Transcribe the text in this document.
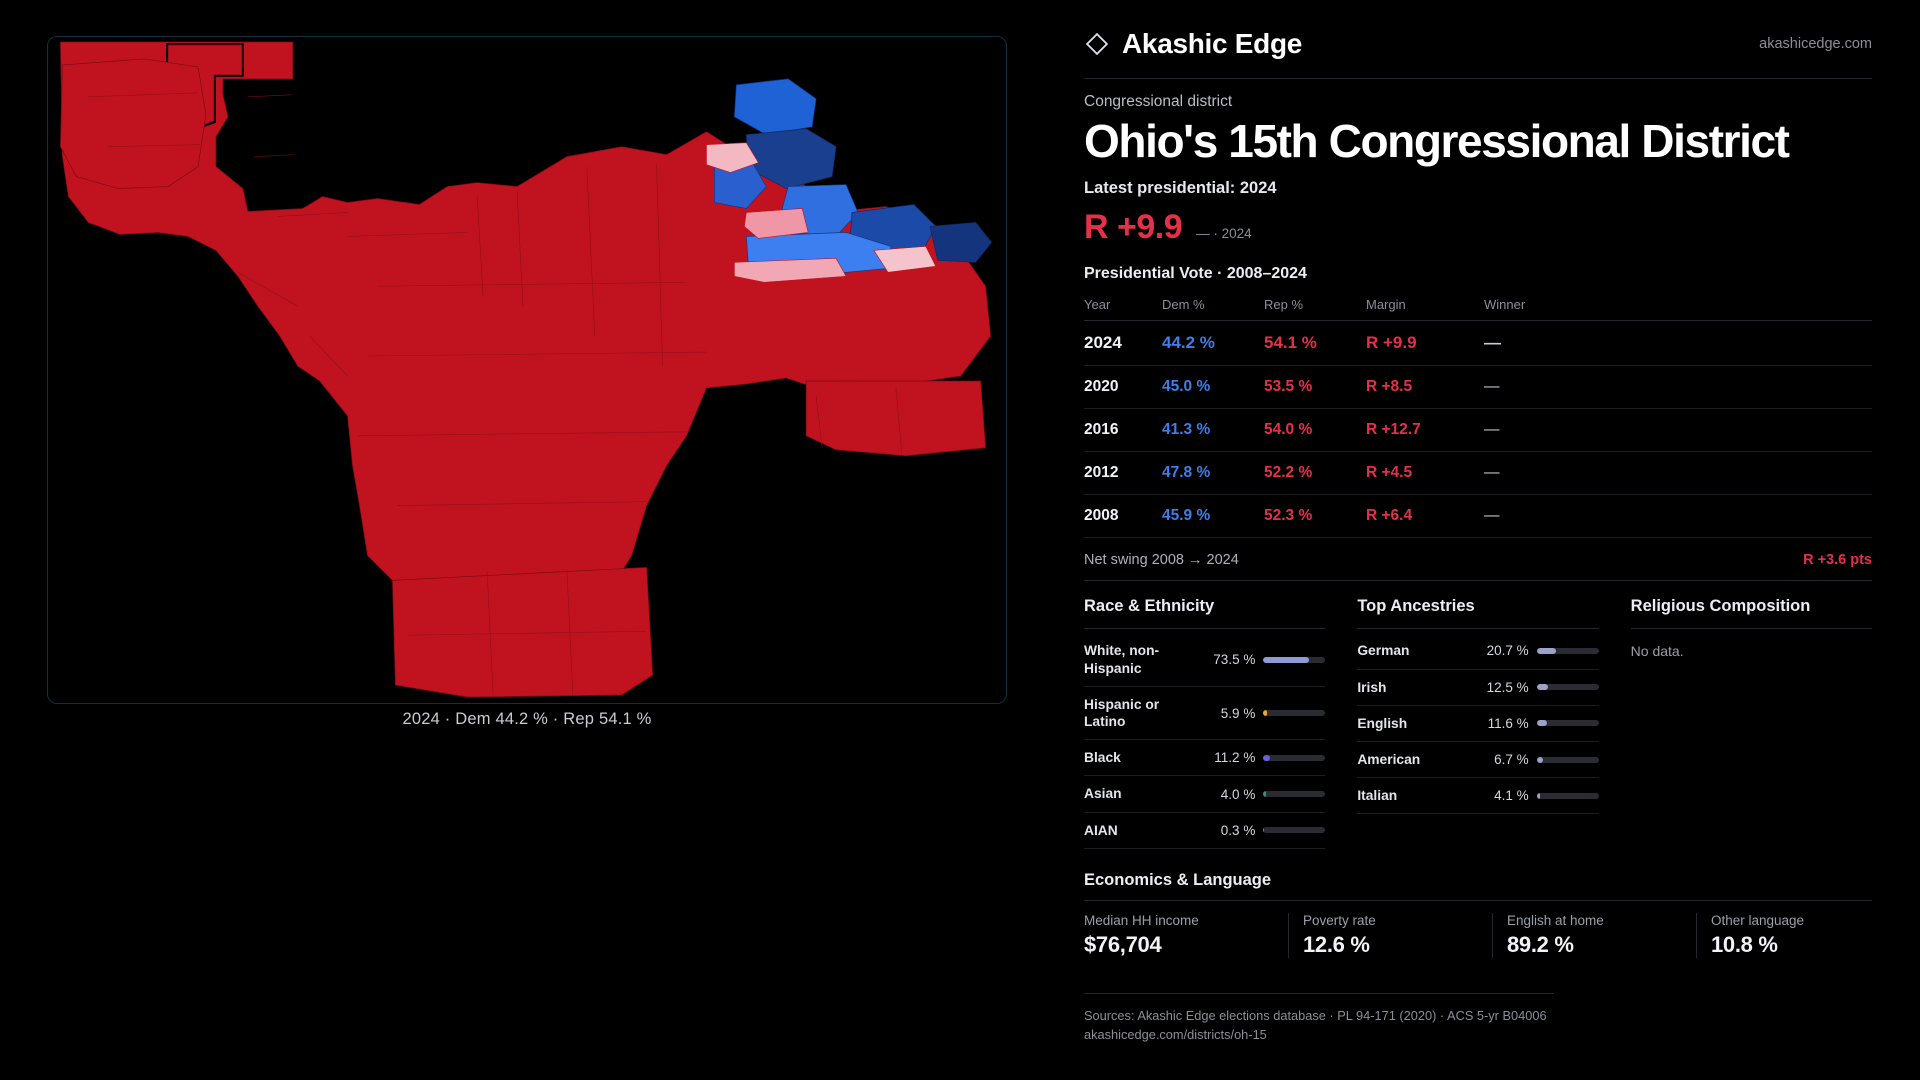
2024 · Dem 44.2 % · Rep 54.1 %
Akashic Edge	akashicedge.com
Congressional district
Ohio's 15th Congressional District
Latest presidential: 2024
R +9.9 — · 2024
Presidential Vote · 2008–2024
Year	Dem %	Rep %	Margin	Winner
2024	44.2 %	54.1 %	R +9.9	—
2020	45.0 %	53.5 %	R +8.5	—
2016	41.3 %	54.0 %	R +12.7	—
2012	47.8 %	52.2 %	R +4.5	—
2008	45.9 %	52.3 %	R +6.4	—
Net swing 2008 → 2024	R +3.6 pts
Race & Ethnicity
White, non-Hispanic
73.5 %
Hispanic or Latino
5.9 %
Black	11.2 %
Asian	4.0 %
AIAN	0.3 %
Top Ancestries
German	20.7 %
Irish	12.5 %
English	11.6 %
American	6.7 %
Italian	4.1 %
Religious Composition
No data.
Economics & Language
Median HH income
$76,704
Poverty rate
12.6 %
English at home
89.2 %
Other language
10.8 %
Sources: Akashic Edge elections database · PL 94-171 (2020) · ACS 5-yr B04006
akashicedge.com/districts/oh-15
